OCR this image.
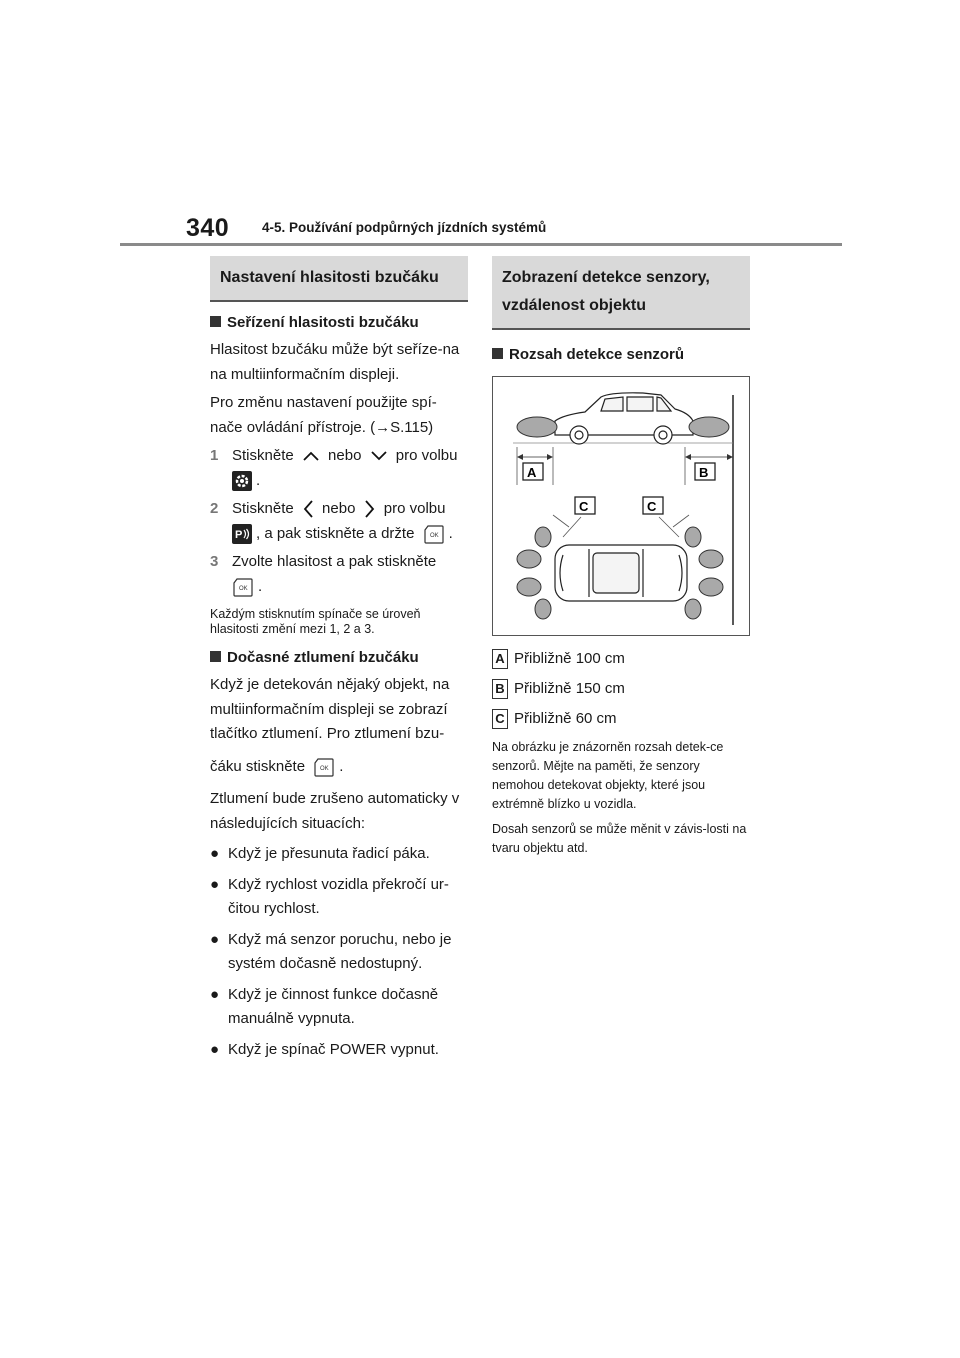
340 4-5. Používání podpůrných jízdních systémů
Nastavení hlasitosti bzučáku
Seřízení hlasitosti bzučáku

Hlasitost bzučáku může být seříze-na na multiinformačním displeji.

Pro změnu nastavení použijte spí-nače ovládání přístroje. (→S.115)

1 Stiskněte nebo pro volbu
.
2 Stiskněte nebo pro volbu

P , a pak stiskněte a držte	OK .
3 Zvolte hlasitost a pak stiskněte

OK .

Každým stisknutím spínače se úroveň hlasitosti změní mezi 1, 2 a 3.

Dočasné ztlumení bzučáku

Když je detekován nějaký objekt, na multiinformačním displeji se zobrazí tlačítko ztlumení. Pro ztlumení bzu-

čáku stiskněte	OK .

Ztlumení bude zrušeno automaticky v následujících situacích:

● Když je přesunuta řadicí páka.
● Když rychlost vozidla překročí ur-čitou rychlost.
● Když má senzor poruchu, nebo je systém dočasně nedostupný.
● Když je činnost funkce dočasně manuálně vypnuta.
● Když je spínač POWER vypnut.
Zobrazení detekce senzory, vzdálenost objektu
Rozsah detekce senzorů
A	B
C	C
A Přibližně 100 cm
B Přibližně 150 cm
C Přibližně 60 cm

Na obrázku je znázorněn rozsah detek-ce senzorů. Mějte na paměti, že senzory nemohou detekovat objekty, které jsou extrémně blízko u vozidla.

Dosah senzorů se může měnit v závis-losti na tvaru objektu atd.
